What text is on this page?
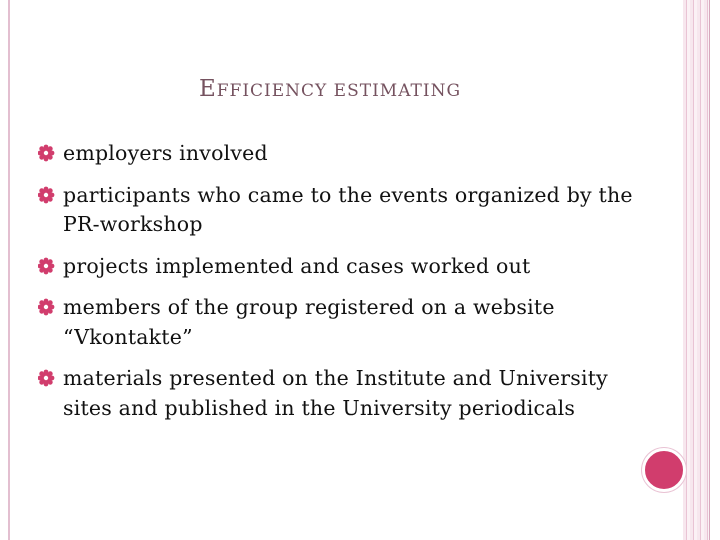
EFFICIENCY ESTIMATING
employers involved
participants who came to the events organized by the PR-workshop
projects implemented and cases worked out
members of the group registered on a website “Vkontakte”
materials presented on the Institute and University sites and published in the University periodicals
